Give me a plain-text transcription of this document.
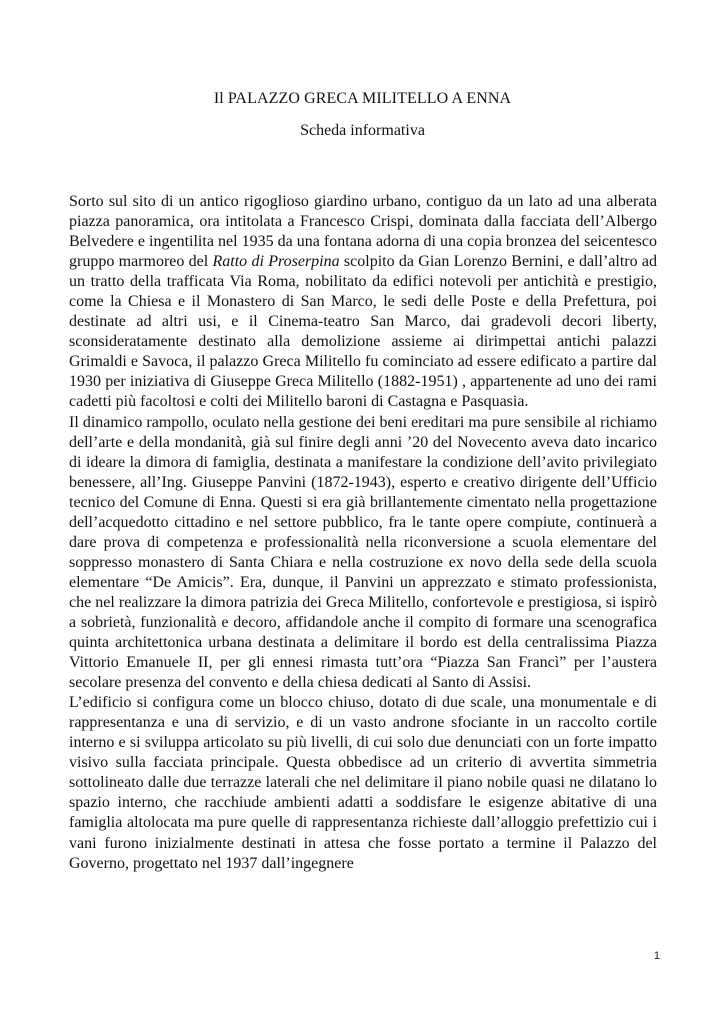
Il PALAZZO GRECA MILITELLO A ENNA
Scheda informativa

Sorto sul sito di un antico rigoglioso giardino urbano, contiguo da un lato ad una alberata piazza panoramica, ora intitolata a Francesco Crispi, dominata dalla facciata dell’Albergo Belvedere e ingentilita nel 1935 da una fontana adorna di una copia bronzea del seicentesco gruppo marmoreo del Ratto di Proserpina scolpito da Gian Lorenzo Bernini, e dall’altro ad un tratto della trafficata Via Roma, nobilitato da edifici notevoli per antichità e prestigio, come la Chiesa e il Monastero di San Marco, le sedi delle Poste e della Prefettura, poi destinate ad altri usi, e il Cinema-teatro San Marco, dai gradevoli decori liberty, sconsideratamente destinato alla demolizione assieme ai dirimpettai antichi palazzi Grimaldi e Savoca, il palazzo Greca Militello fu cominciato ad essere edificato a partire dal 1930 per iniziativa di Giuseppe Greca Militello (1882-1951) , appartenente ad uno dei rami cadetti più facoltosi e colti dei Militello baroni di Castagna e Pasquasia.

Il dinamico rampollo, oculato nella gestione dei beni ereditari ma pure sensibile al richiamo dell’arte e della mondanità, già sul finire degli anni ’20 del Novecento aveva dato incarico di ideare la dimora di famiglia, destinata a manifestare la condizione dell’avito privilegiato benessere, all’Ing. Giuseppe Panvini (1872-1943), esperto e creativo dirigente dell’Ufficio tecnico del Comune di Enna. Questi si era già brillantemente cimentato nella progettazione dell’acquedotto cittadino e nel settore pubblico, fra le tante opere compiute, continuerà a dare prova di competenza e professionalità nella riconversione a scuola elementare del soppresso monastero di Santa Chiara e nella costruzione ex novo della sede della scuola elementare “De Amicis”. Era, dunque, il Panvini un apprezzato e stimato professionista, che nel realizzare la dimora patrizia dei Greca Militello, confortevole e prestigiosa, si ispirò a sobrietà, funzionalità e decoro, affidandole anche il compito di formare una scenografica quinta architettonica urbana destinata a delimitare il bordo est della centralissima Piazza Vittorio Emanuele II, per gli ennesi rimasta tutt’ora “Piazza San Francì” per l’austera secolare presenza del convento e della chiesa dedicati al Santo di Assisi.

L’edificio si configura come un blocco chiuso, dotato di due scale, una monumentale e di rappresentanza e una di servizio, e di un vasto androne sfociante in un raccolto cortile interno e si sviluppa articolato su più livelli, di cui solo due denunciati con un forte impatto visivo sulla facciata principale. Questa obbedisce ad un criterio di avvertita simmetria sottolineato dalle due terrazze laterali che nel delimitare il piano nobile quasi ne dilatano lo spazio interno, che racchiude ambienti adatti a soddisfare le esigenze abitative di una famiglia altolocata ma pure quelle di rappresentanza richieste dall’alloggio prefettizio cui i vani furono inizialmente destinati in attesa che fosse portato a termine il Palazzo del Governo, progettato nel 1937 dall’ingegnere

1
